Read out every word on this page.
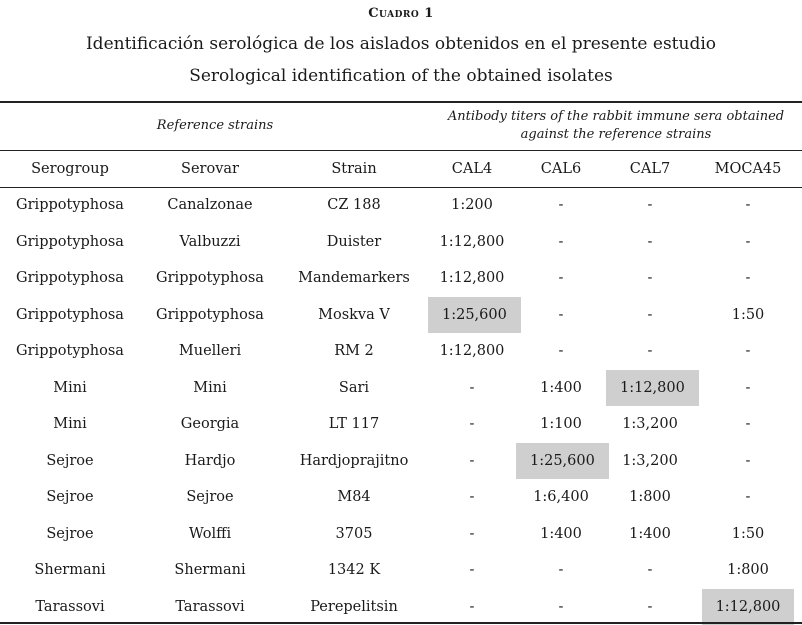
Cuadro 1
Identificación serológica de los aislados obtenidos en el presente estudio
Serological identification of the obtained isolates
Reference strains
Antibody titers of the rabbit immune sera obtained
against the reference strains
Serogroup	Serovar	Strain	CAL4	CAL6	CAL7	MOCA45
Grippotyphosa	Canalzonae	CZ 188	1:200	-	-	-
Grippotyphosa	Valbuzzi	Duister	1:12,800	-	-	-
Grippotyphosa	Grippotyphosa	Mandemarkers	1:12,800	-	-	-
Grippotyphosa	Grippotyphosa	Moskva V	1:25,600	-	-	1:50
Grippotyphosa	Muelleri	RM 2	1:12,800	-	-	-
Mini	Mini	Sari	-	1:400	1:12,800	-
Mini	Georgia	LT 117	-	1:100	1:3,200	-
Sejroe	Hardjo	Hardjoprajitno	-	1:25,600	1:3,200	-
Sejroe	Sejroe	M84	-	1:6,400	1:800	-
Sejroe	Wolffi	3705	-	1:400	1:400	1:50
Shermani	Shermani	1342 K	-	-	-	1:800
Tarassovi	Tarassovi	Perepelitsin	-	-	-	1:12,800
